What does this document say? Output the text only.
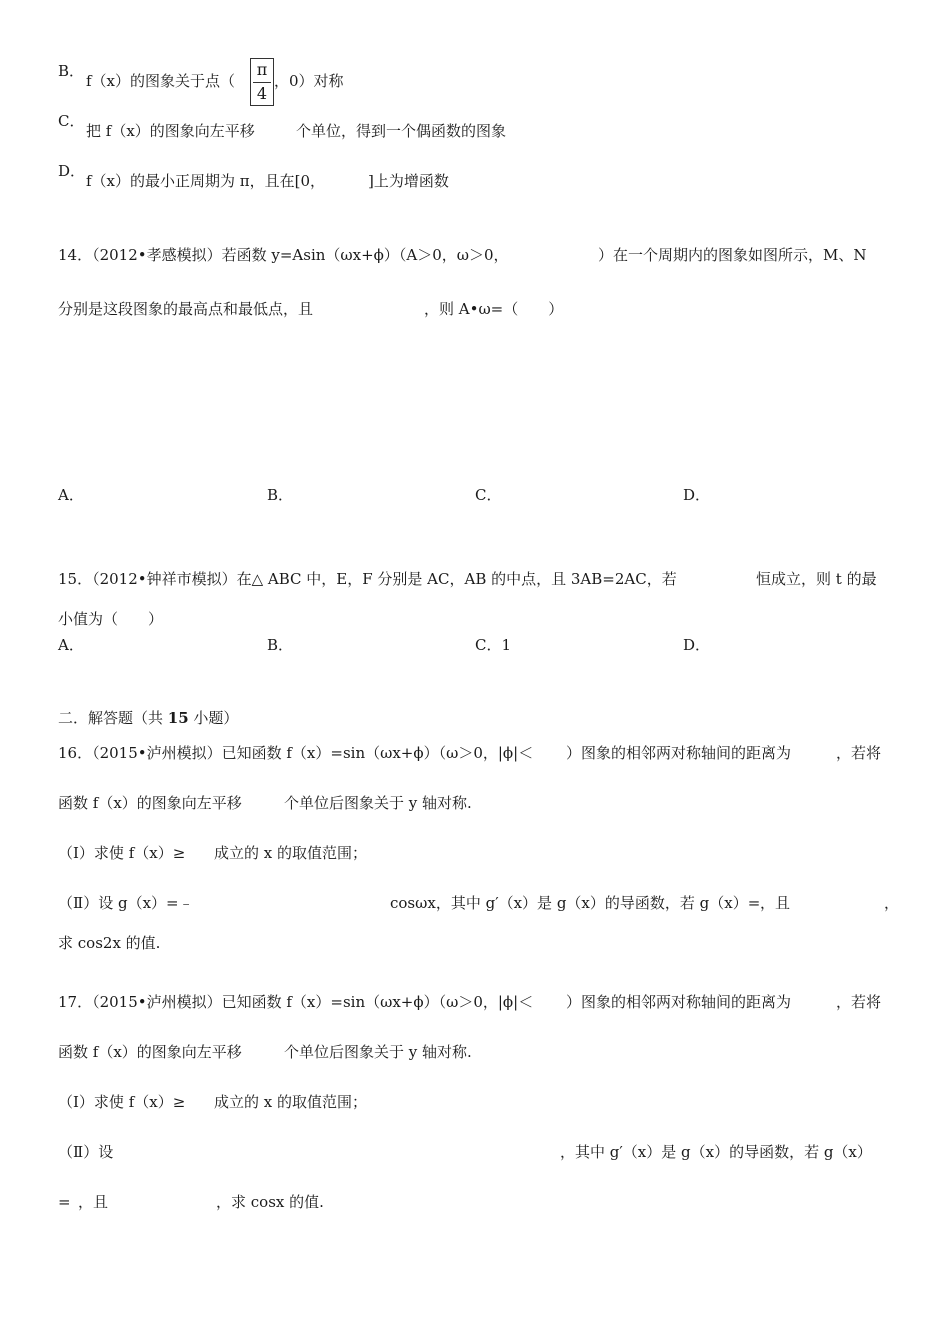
B．
f（x）的图象关于点（
π
4
，0）对称
C．
把 f（x）的图象向左平移	个单位，得到一个偶函数的图象
D．
f（x）的最小正周期为 π，且在[0，	]上为增函数
14．（2012•孝感模拟）若函数 y=Asin（ωx+ϕ）（A＞0，ω＞0，	）在一个周期内的图象如图所示，M、N
分别是这段图象的最高点和最低点，且	，则 A•ω=（　　）
A．	B．	C．	D．
15．（2012•钟祥市模拟）在△ ABC 中，E，F 分别是 AC，AB 的中点，且 3AB=2AC，若	恒成立，则 t 的最
小值为（　　）
A．	B．	C．1	D．
二．解答题（共 15 小题）
16．（2015•泸州模拟）已知函数 f（x）=sin（ωx+ϕ）（ω＞0，|ϕ|＜ ）图象的相邻两对称轴间的距离为	，若将
函数 f（x）的图象向左平移	个单位后图象关于 y 轴对称.
（Ⅰ）求使 f（x）≥ 成立的 x 的取值范围；
（Ⅱ）设 g（x）=﹣	cosωx，其中 g′（x）是 g（x）的导函数，若 g（x）= ，且	，
求 cos2x 的值.
17．（2015•泸州模拟）已知函数 f（x）=sin（ωx+ϕ）（ω＞0，|ϕ|＜ ）图象的相邻两对称轴间的距离为	，若将
函数 f（x）的图象向左平移	个单位后图象关于 y 轴对称.
（Ⅰ）求使 f（x）≥ 成立的 x 的取值范围；
（Ⅱ）设	，其中 g′（x）是 g（x）的导函数，若 g（x）
= ，且	，求 cosx 的值.
